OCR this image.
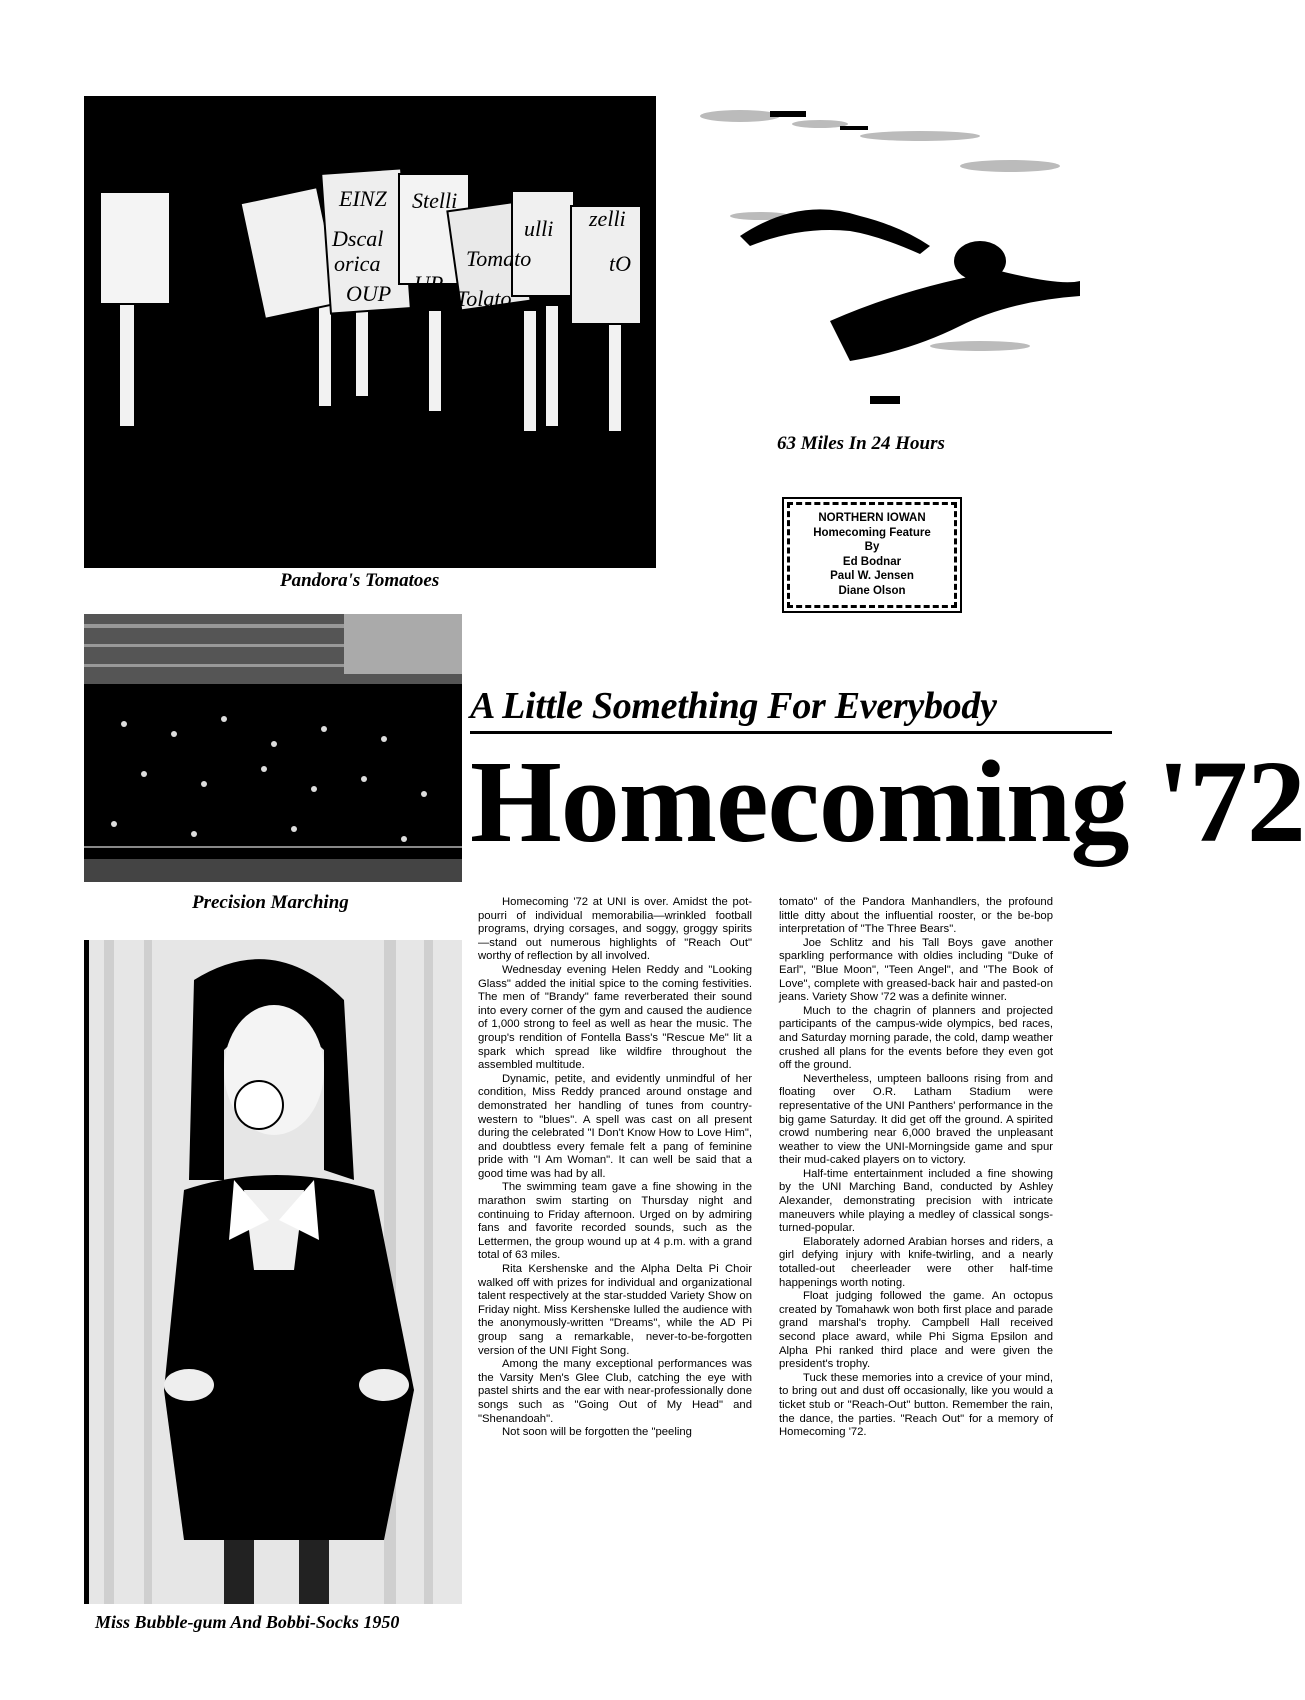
EINZ
Dscal
orica
OUP
Stelli
ulli zelli
Tomato
UP
Tolato
tO
Pandora's Tomatoes
63 Miles In 24 Hours
NORTHERN IOWAN
Homecoming Feature
By
Ed Bodnar
Paul W. Jensen
Diane Olson
Precision Marching
Miss Bubble-gum And Bobbi-Socks 1950
A Little Something For Everybody
Homecoming '72

Homecoming '72 at UNI is over. Amidst the pot-pourri of individual memorabilia—wrinkled football programs, drying corsages, and soggy, groggy spirits—stand out numerous highlights of "Reach Out" worthy of reflection by all involved.

Wednesday evening Helen Reddy and "Looking Glass" added the initial spice to the coming festivities. The men of "Brandy" fame reverberated their sound into every corner of the gym and caused the audience of 1,000 strong to feel as well as hear the music. The group's rendition of Fontella Bass's "Rescue Me" lit a spark which spread like wildfire throughout the assembled multitude.

Dynamic, petite, and evidently unmindful of her condition, Miss Reddy pranced around onstage and demonstrated her handling of tunes from country-western to "blues". A spell was cast on all present during the celebrated "I Don't Know How to Love Him", and doubtless every female felt a pang of feminine pride with "I Am Woman". It can well be said that a good time was had by all.

The swimming team gave a fine showing in the marathon swim starting on Thursday night and continuing to Friday afternoon. Urged on by admiring fans and favorite recorded sounds, such as the Lettermen, the group wound up at 4 p.m. with a grand total of 63 miles.

Rita Kershenske and the Alpha Delta Pi Choir walked off with prizes for individual and organizational talent respectively at the star-studded Variety Show on Friday night. Miss Kershenske lulled the audience with the anonymously-written "Dreams", while the AD Pi group sang a remarkable, never-to-be-forgotten version of the UNI Fight Song.

Among the many exceptional performances was the Varsity Men's Glee Club, catching the eye with pastel shirts and the ear with near-professionally done songs such as "Going Out of My Head" and "Shenandoah".

Not soon will be forgotten the "peeling

tomato" of the Pandora Manhandlers, the profound little ditty about the influential rooster, or the be-bop interpretation of "The Three Bears".

Joe Schlitz and his Tall Boys gave another sparkling performance with oldies including "Duke of Earl", "Blue Moon", "Teen Angel", and "The Book of Love", complete with greased-back hair and pasted-on jeans. Variety Show '72 was a definite winner.

Much to the chagrin of planners and projected participants of the campus-wide olympics, bed races, and Saturday morning parade, the cold, damp weather crushed all plans for the events before they even got off the ground.

Nevertheless, umpteen balloons rising from and floating over O.R. Latham Stadium were representative of the UNI Panthers' performance in the big game Saturday. It did get off the ground. A spirited crowd numbering near 6,000 braved the unpleasant weather to view the UNI-Morningside game and spur their mud-caked players on to victory.

Half-time entertainment included a fine showing by the UNI Marching Band, conducted by Ashley Alexander, demonstrating precision with intricate maneuvers while playing a medley of classical songs-turned-popular.

Elaborately adorned Arabian horses and riders, a girl defying injury with knife-twirling, and a nearly totalled-out cheerleader were other half-time happenings worth noting.

Float judging followed the game. An octopus created by Tomahawk won both first place and parade grand marshal's trophy. Campbell Hall received second place award, while Phi Sigma Epsilon and Alpha Phi ranked third place and were given the president's trophy.

Tuck these memories into a crevice of your mind, to bring out and dust off occasionally, like you would a ticket stub or "Reach-Out" button. Remember the rain, the dance, the parties. "Reach Out" for a memory of Homecoming '72.
